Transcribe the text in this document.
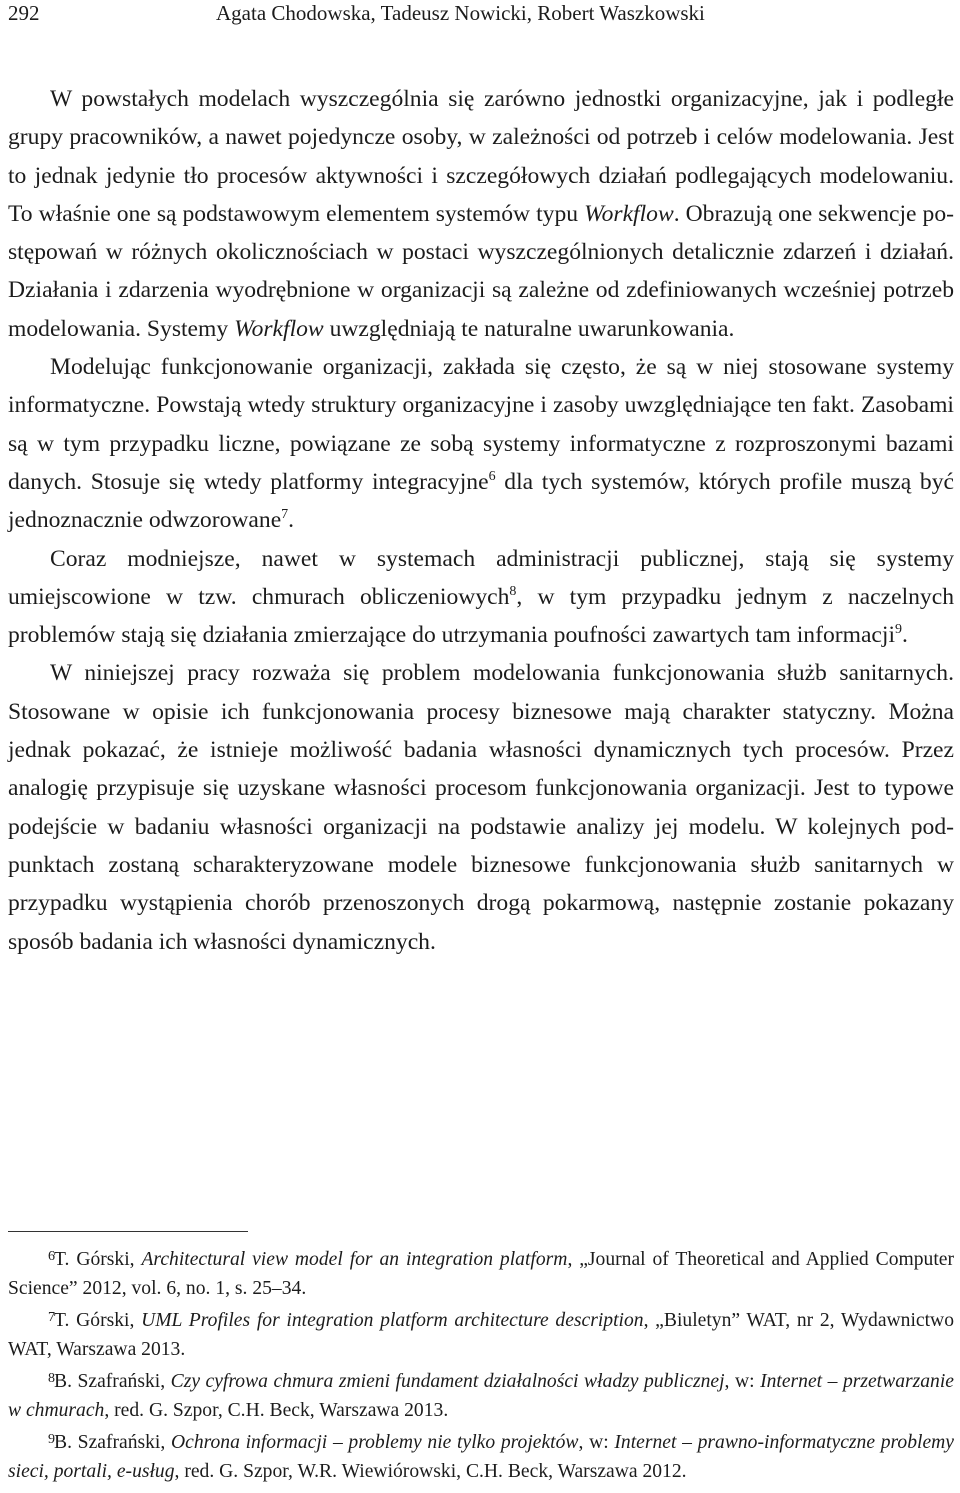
292	Agata Chodowska, Tadeusz Nowicki, Robert Waszkowski

W powstałych modelach wyszczególnia się zarówno jednostki organizacyjne, jak i podległe grupy pracowników, a nawet pojedyncze osoby, w zależności od potrzeb i celów modelowania. Jest to jednak jedynie tło procesów aktywności i szczegółowych działań podlegających modelowaniu. To właśnie one są podstawowym elementem systemów typu Workflow. Obrazują one sekwencje postępowań w różnych okolicznościach w postaci wyszczególnionych detalicznie zdarzeń i działań. Działania i zdarzenia wyodrębnione w organizacji są zależne od zdefiniowanych wcześniej potrzeb modelowania. Systemy Workflow uwzględniają te naturalne uwarunkowania.

Modelując funkcjonowanie organizacji, zakłada się często, że są w niej stosowane systemy informatyczne. Powstają wtedy struktury organizacyjne i zasoby uwzględniające ten fakt. Zasobami są w tym przypadku liczne, powiązane ze sobą systemy informatyczne z rozproszonymi bazami danych. Stosuje się wtedy platformy integracyjne$^6$ dla tych systemów, których profile muszą być jednoznacznie odwzorowane$^7$.

Coraz modniejsze, nawet w systemach administracji publicznej, stają się systemy umiejscowione w tzw. chmurach obliczeniowych$^8$, w tym przypadku jednym z naczelnych problemów stają się działania zmierzające do utrzymania poufności zawartych tam informacji$^9$.

W niniejszej pracy rozważa się problem modelowania funkcjonowania służb sanitarnych. Stosowane w opisie ich funkcjonowania procesy biznesowe mają charakter statyczny. Można jednak pokazać, że istnieje możliwość badania własności dynamicznych tych procesów. Przez analogię przypisuje się uzyskane własności procesom funkcjonowania organizacji. Jest to typowe podejście w badaniu własności organizacji na podstawie analizy jej modelu. W kolejnych podpunktach zostaną scharakteryzowane modele biznesowe funkcjonowania służb sanitarnych w przypadku wystąpienia chorób przenoszonych drogą pokarmową, następnie zostanie pokazany sposób badania ich własności dynamicznych.

6T. Górski, Architectural view model for an integration platform, „Journal of Theoretical and Applied Computer Science” 2012, vol. 6, no. 1, s. 25–34.

7T. Górski, UML Profiles for integration platform architecture description, „Biuletyn” WAT, nr 2, Wydawnictwo WAT, Warszawa 2013.

8B. Szafrański, Czy cyfrowa chmura zmieni fundament działalności władzy publicznej, w: Internet – przetwarzanie w chmurach, red. G. Szpor, C.H. Beck, Warszawa 2013.

9B. Szafrański, Ochrona informacji – problemy nie tylko projektów, w: Internet – prawno-informatyczne problemy sieci, portali, e-usług, red. G. Szpor, W.R. Wiewiórowski, C.H. Beck, Warszawa 2012.
